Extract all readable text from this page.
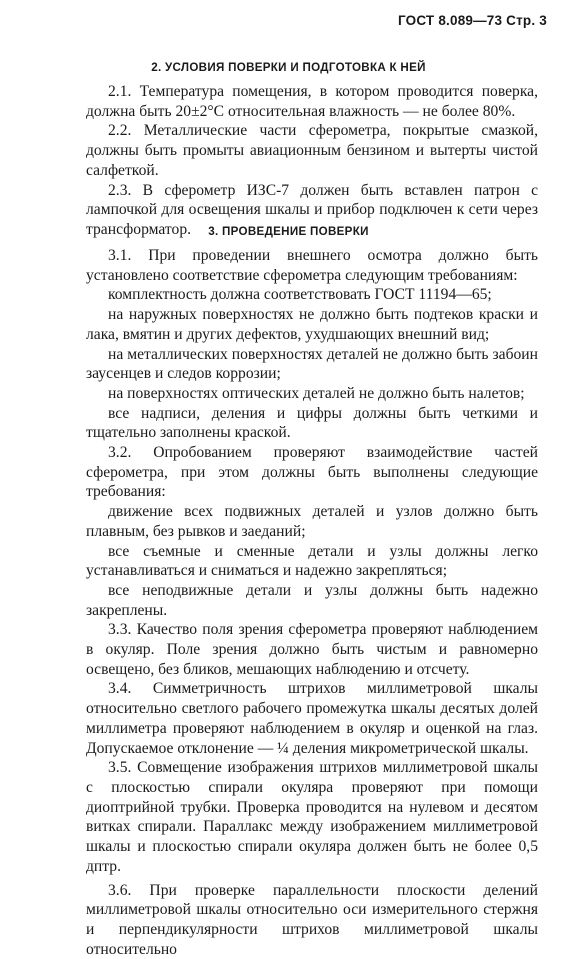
ГОСТ 8.089—73 Стр. 3
2. УСЛОВИЯ ПОВЕРКИ И ПОДГОТОВКА К НЕЙ

2.1. Температура помещения, в котором проводится поверка, должна быть 20±2°С относительная влажность — не более 80%.

2.2. Металлические части сферометра, покрытые смазкой, должны быть промыты авиационным бензином и вытерты чистой салфеткой.

2.3. В сферометр ИЗС-7 должен быть вставлен патрон с лампочкой для освещения шкалы и прибор подключен к сети через трансформатор.	3. ПРОВЕДЕНИЕ ПОВЕРКИ

3.1. При проведении внешнего осмотра должно быть установлено соответствие сферометра следующим требованиям:

комплектность должна соответствовать ГОСТ 11194—65;

на наружных поверхностях не должно быть подтеков краски и лака, вмятин и других дефектов, ухудшающих внешний вид;

на металлических поверхностях деталей не должно быть забоин заусенцев и следов коррозии;

на поверхностях оптических деталей не должно быть налетов;

все надписи, деления и цифры должны быть четкими и тщательно заполнены краской.

3.2. Опробованием проверяют взаимодействие частей сферометра, при этом должны быть выполнены следующие требования:

движение всех подвижных деталей и узлов должно быть плавным, без рывков и заеданий;

все съемные и сменные детали и узлы должны легко устанавливаться и сниматься и надежно закрепляться;

все неподвижные детали и узлы должны быть надежно закреплены.

3.3. Качество поля зрения сферометра проверяют наблюдением в окуляр. Поле зрения должно быть чистым и равномерно освещено, без бликов, мешающих наблюдению и отсчету.

3.4. Симметричность штрихов миллиметровой шкалы относительно светлого рабочего промежутка шкалы десятых долей миллиметра проверяют наблюдением в окуляр и оценкой на глаз. Допускаемое отклонение — ¼ деления микрометрической шкалы.

3.5. Совмещение изображения штрихов миллиметровой шкалы с плоскостью спирали окуляра проверяют при помощи диоптрийной трубки. Проверка проводится на нулевом и десятом витках спирали. Параллакс между изображением миллиметровой шкалы и плоскостью спирали окуляра должен быть не более 0,5 дптр.

3.6. При проверке параллельности плоскости делений миллиметровой шкалы относительно оси измерительного стержня и перпендикулярности штрихов миллиметровой шкалы относительно
